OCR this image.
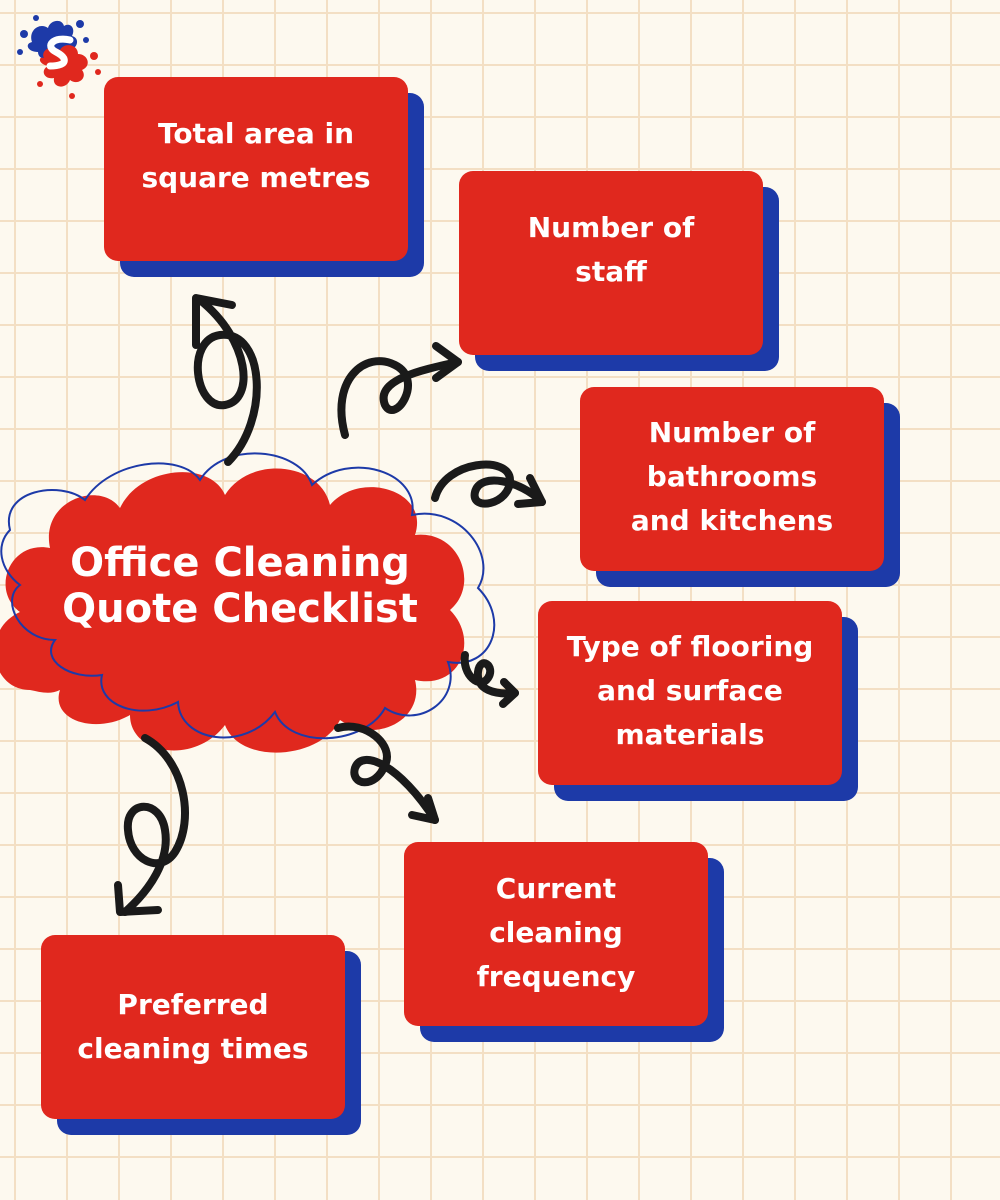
Office Cleaning
Quote Checklist
Total area in
square metres
Number of
staff
Number of
bathrooms
and kitchens
Type of flooring
and surface
materials
Current
cleaning
frequency
Preferred
cleaning times
